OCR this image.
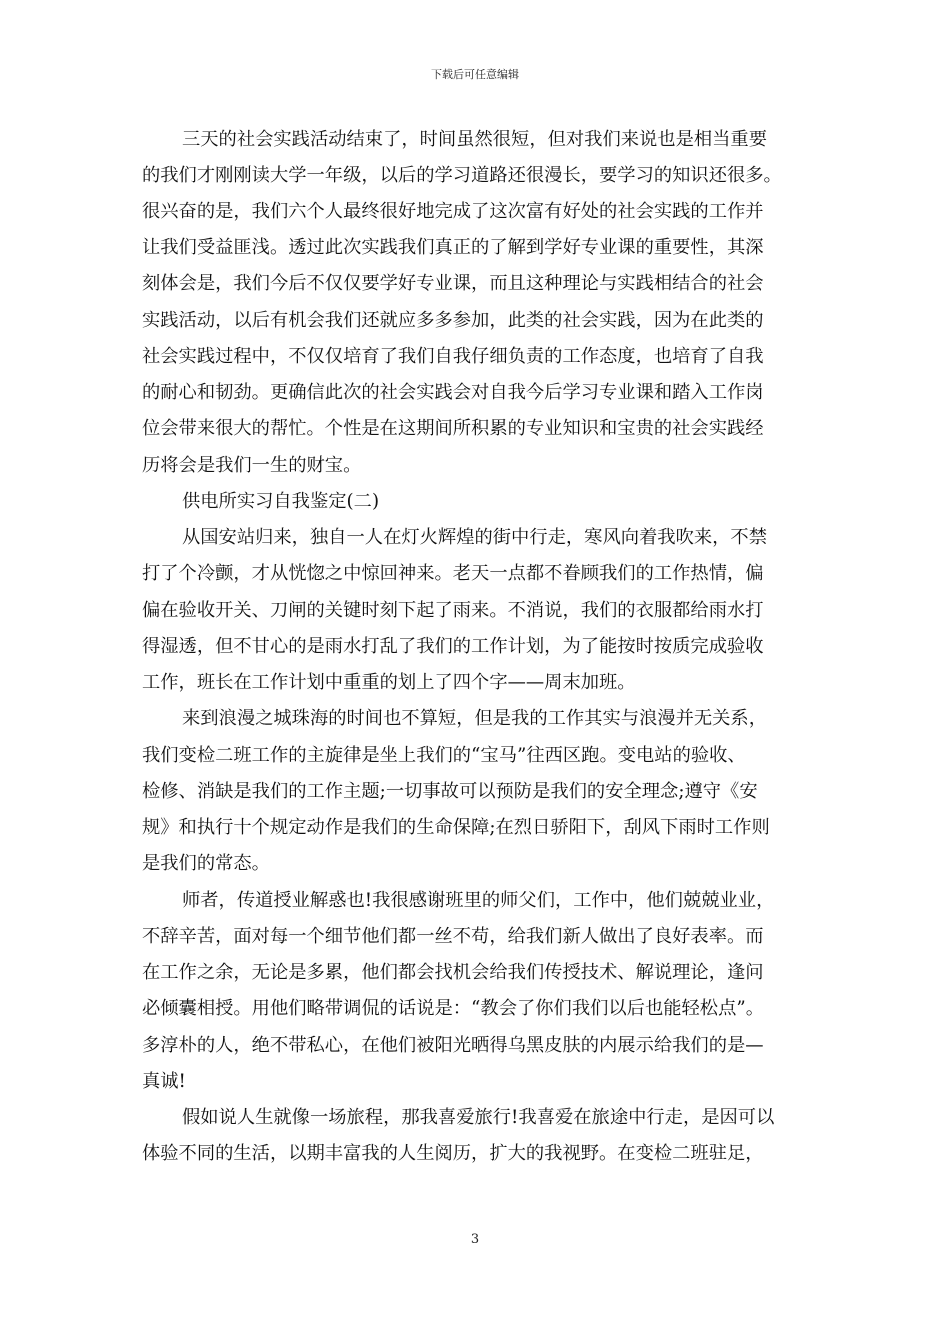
下载后可任意编辑
三天的社会实践活动结束了，时间虽然很短，但对我们来说也是相当重要
的我们才刚刚读大学一年级，以后的学习道路还很漫长，要学习的知识还很多。
很兴奋的是，我们六个人最终很好地完成了这次富有好处的社会实践的工作并
让我们受益匪浅。透过此次实践我们真正的了解到学好专业课的重要性，其深
刻体会是，我们今后不仅仅要学好专业课，而且这种理论与实践相结合的社会
实践活动，以后有机会我们还就应多多参加，此类的社会实践，因为在此类的
社会实践过程中，不仅仅培育了我们自我仔细负责的工作态度，也培育了自我
的耐心和韧劲。更确信此次的社会实践会对自我今后学习专业课和踏入工作岗
位会带来很大的帮忙。个性是在这期间所积累的专业知识和宝贵的社会实践经
历将会是我们一生的财宝。
供电所实习自我鉴定(二)
从国安站归来，独自一人在灯火辉煌的街中行走，寒风向着我吹来，不禁
打了个冷颤，才从恍惚之中惊回神来。老天一点都不眷顾我们的工作热情，偏
偏在验收开关、刀闸的关键时刻下起了雨来。不消说，我们的衣服都给雨水打
得湿透，但不甘心的是雨水打乱了我们的工作计划，为了能按时按质完成验收
工作，班长在工作计划中重重的划上了四个字——周末加班。
来到浪漫之城珠海的时间也不算短，但是我的工作其实与浪漫并无关系，
我们变检二班工作的主旋律是坐上我们的“宝马”往西区跑。变电站的验收、
检修、消缺是我们的工作主题;一切事故可以预防是我们的安全理念;遵守《安
规》和执行十个规定动作是我们的生命保障;在烈日骄阳下，刮风下雨时工作则
是我们的常态。
师者，传道授业解惑也!我很感谢班里的师父们，工作中，他们兢兢业业，
不辞辛苦，面对每一个细节他们都一丝不苟，给我们新人做出了良好表率。而
在工作之余，无论是多累，他们都会找机会给我们传授技术、解说理论，逢问
必倾囊相授。用他们略带调侃的话说是：“教会了你们我们以后也能轻松点”。
多淳朴的人，绝不带私心，在他们被阳光晒得乌黑皮肤的内展示给我们的是—
真诚!
假如说人生就像一场旅程，那我喜爱旅行!我喜爱在旅途中行走，是因可以
体验不同的生活，以期丰富我的人生阅历，扩大的我视野。在变检二班驻足，
3
